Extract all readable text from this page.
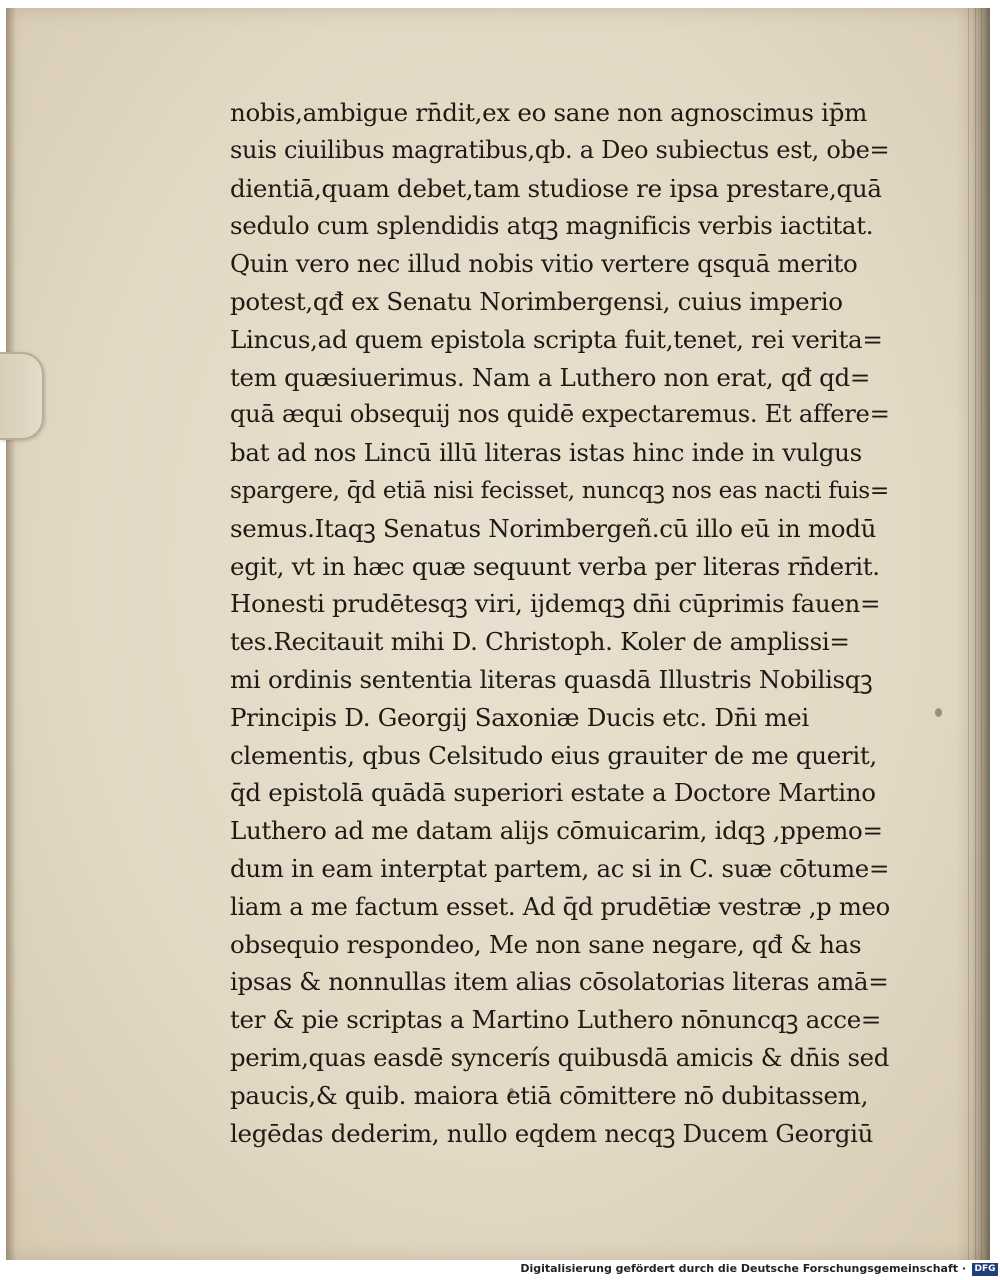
nobis,ambigue rn̄dit,ex eo sane non agnoscimus ip̄m
suis ciuilibus magratibus,qb. a Deo subiectus est, obe=
dientiā,quam debet,tam studiose re ipsa prestare,quā
sedulo cum splendidis atqꝫ magnificis verbis iactitat.
Quin vero nec illud nobis vitio vertere qsquā merito
potest,qđ ex Senatu Norimbergensi, cuius imperio
Lincus,ad quem epistola scripta fuit,tenet, rei verita=
tem quæsiuerimus. Nam a Luthero non erat, qđ qd=
quā æqui obsequij nos quidē expectaremus. Et affere=
bat ad nos Lincū illū literas istas hinc inde in vulgus
spargere, q̄d etiā nisi fecisset, nuncqꝫ nos eas nacti fuis=
semus.Itaqꝫ Senatus Norimbergeñ.cū illo eū in modū
egit, vt in hæc quæ sequunt verba per literas rn̄derit.
Honesti prudētesqꝫ viri, ijdemqꝫ dn̄i cūprimis fauen=
tes.Recitauit mihi D. Christoph. Koler de amplissi=
mi ordinis sententia literas quasdā Illustris Nobilisqꝫ
Principis D. Georgij Saxoniæ Ducis etc. Dn̄i mei
clementis, qbus Celsitudo eius grauiter de me querit,
q̄d epistolā quādā superiori estate a Doctore Martino
Luthero ad me datam alijs cōmuicarim, idqꝫ ,ppemo=
dum in eam interptat partem, ac si in C. suæ cōtume=
liam a me factum esset. Ad q̄d prudētiæ vestræ ,p meo
obsequio respondeo, Me non sane negare, qđ & has
ipsas & nonnullas item alias cōsolatorias literas amā=
ter & pie scriptas a Martino Luthero nōnuncqꝫ acce=
perim,quas easdē syncerís quibusdā amicis & dn̄is sed
paucis,& quib. maiora etiā cōmittere nō dubitassem,
legēdas dederim, nullo eqdem necqꝫ Ducem Georgiū
Digitalisierung gefördert durch die Deutsche Forschungsgemeinschaft · DFG
